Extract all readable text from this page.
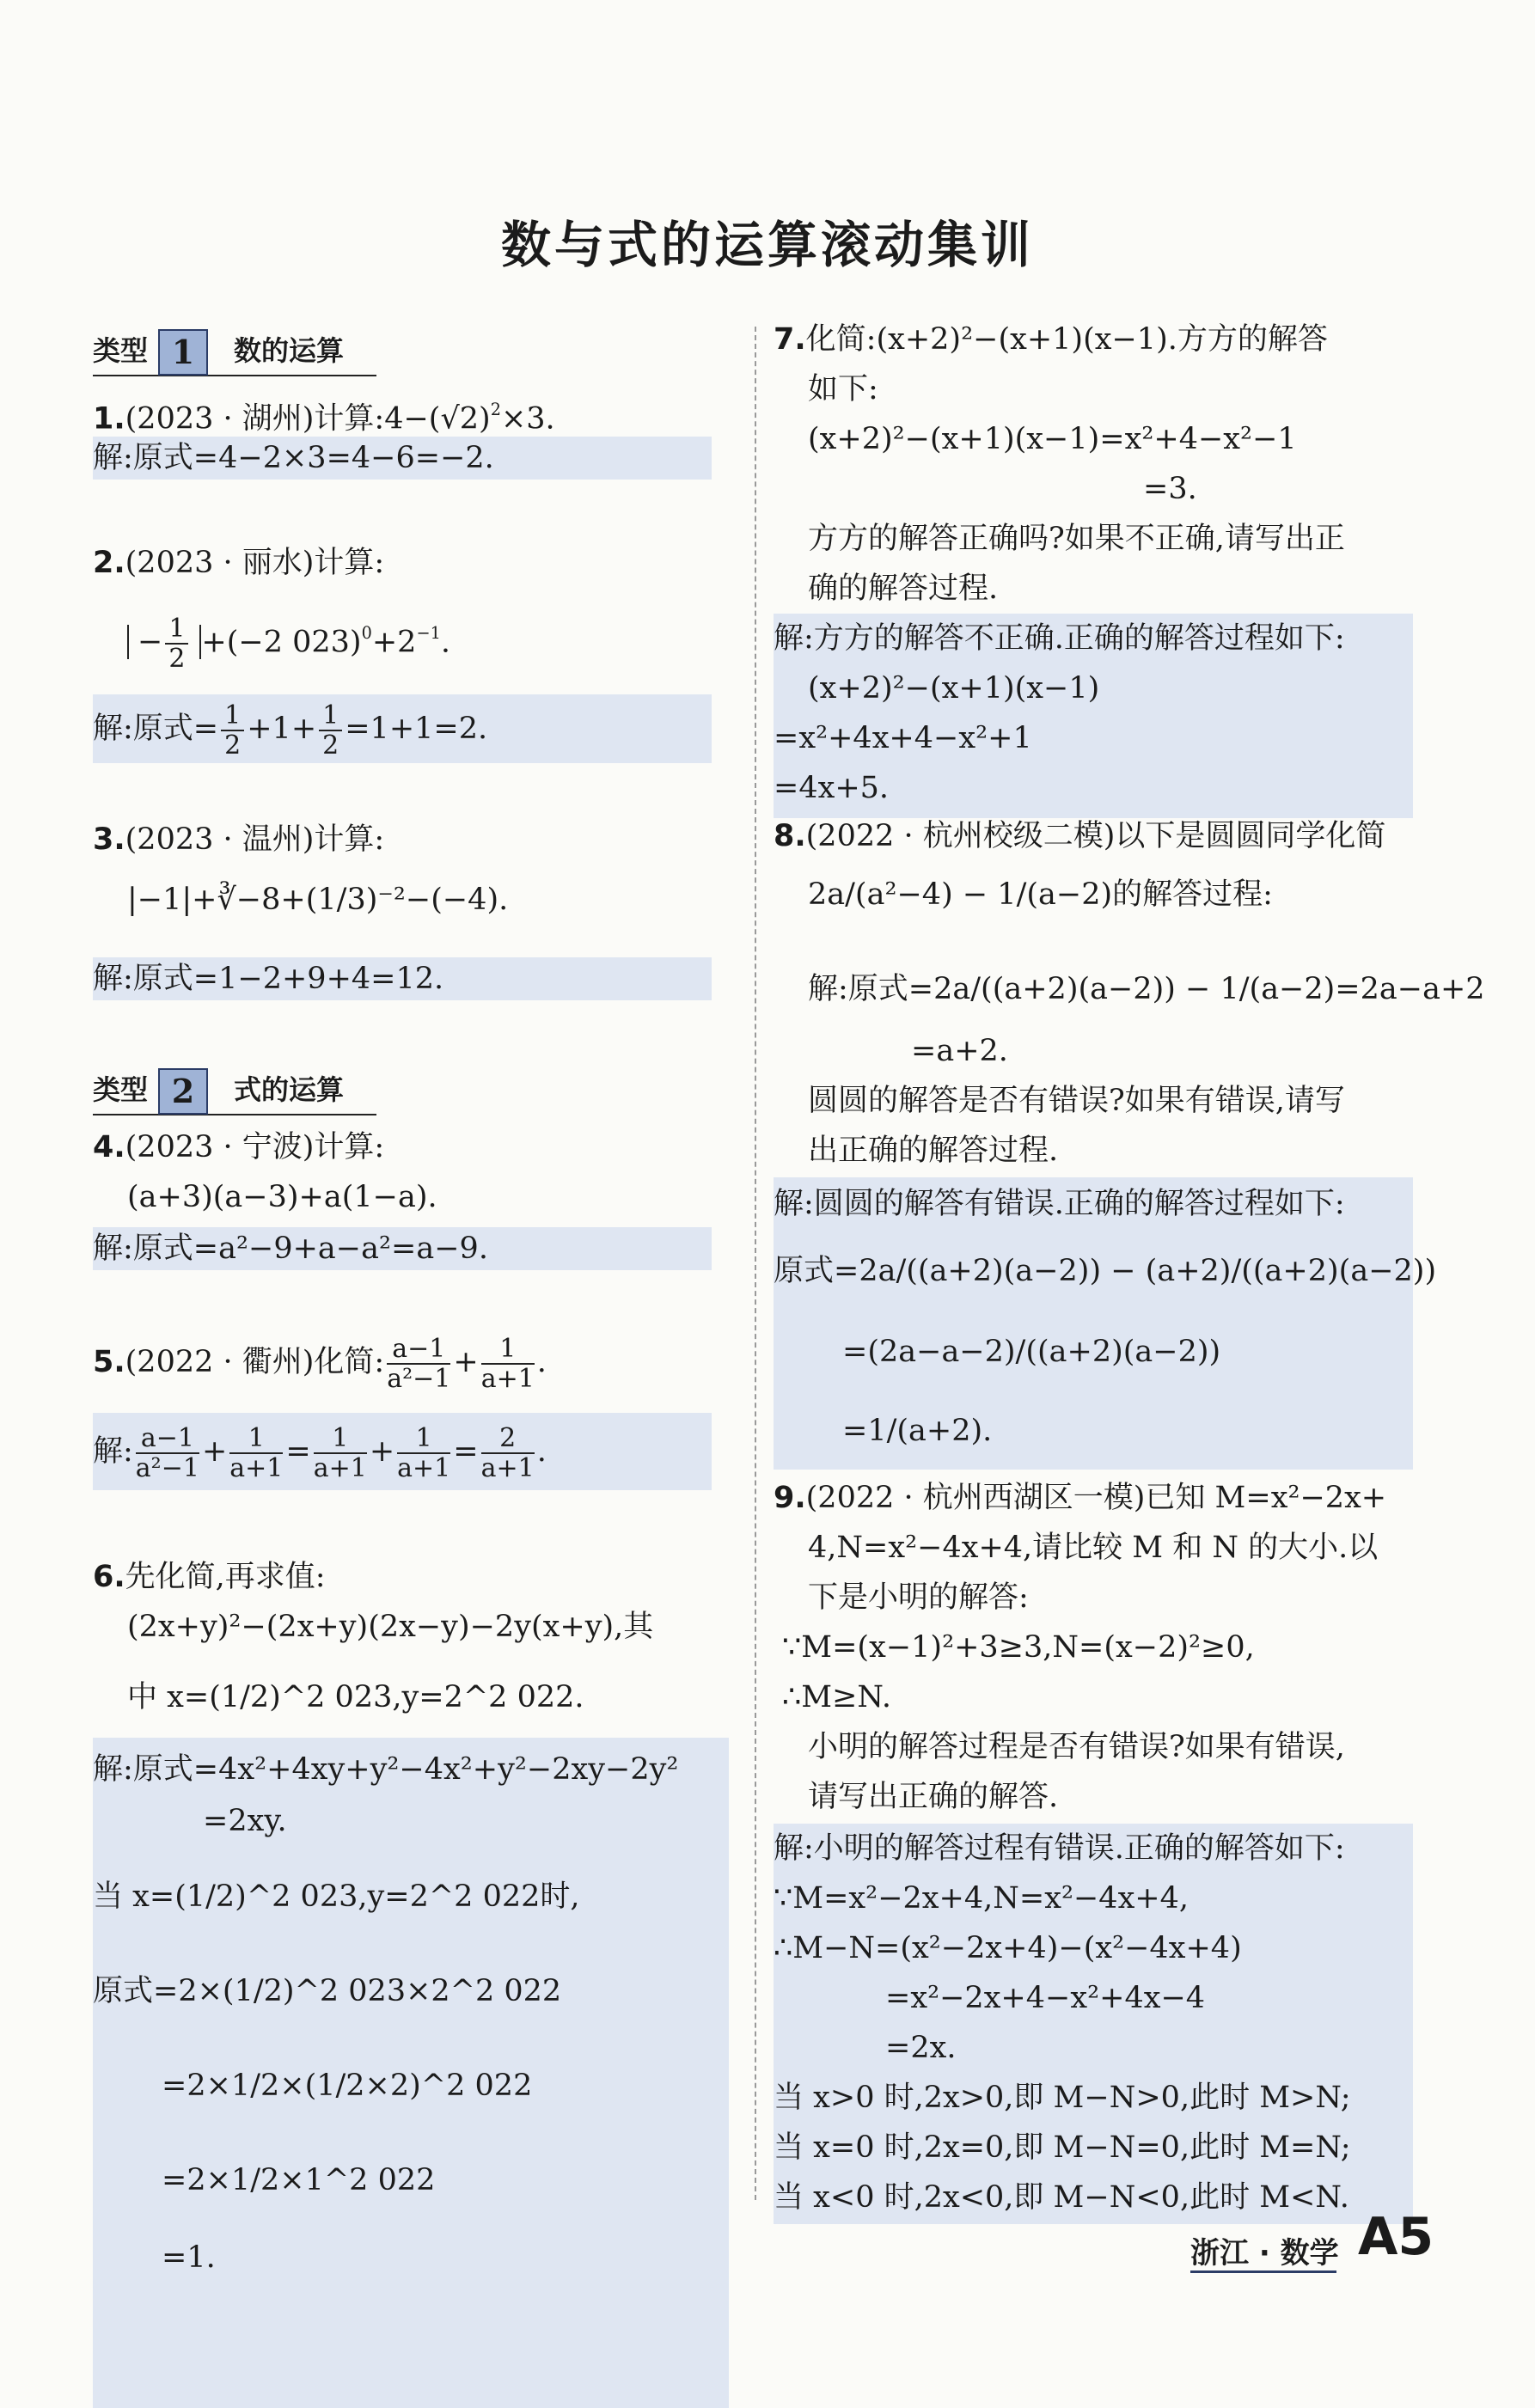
数与式的运算滚动集训
类型 1 数的运算
1.(2023 · 湖州)计算$:4-(√2)^2\times 3$.
解:原式=4−2×3=4−6=−2.
2.(2023 · 丽水)计算:
− $\frac{1}{2} +(-2$ $023)^0+2^{-1}$.
解:原式= $\frac{1}{2} +1+ \frac{1}{2} =1+1=2$.
3.(2023 · 温州)计算:
|−1|+∛−8+(1/3)⁻²−(−4).
解:原式=1−2+9+4=12.
类型 2 式的运算
4.(2023 · 宁波)计算:
(a+3)(a−3)+a(1−a).
解:原式=a²−9+a−a²=a−9.
5.(2022 · 衢州)化简: $\frac{a-1}{\text{a²−1}} + \frac{1}{a+1}$ .
解: $\frac{a-1}{\text{a²−1}} + \frac{1}{a+1} = \frac{1}{a+1} + \frac{1}{a+1} = \frac{2}{a+1}$ .
6.先化简,再求值:
(2x+y)²−(2x+y)(2x−y)−2y(x+y),其
中 x=(1/2)^2 023,y=2^2 022.
解:原式=4x²+4xy+y²−4x²+y²−2xy−2y²
=2xy.
当 x=(1/2)^2 023,y=2^2 022时,
原式=2×(1/2)^2 023×2^2 022
=2×1/2×(1/2×2)^2 022
=2×1/2×1^2 022
=1.
7.化简:(x+2)²−(x+1)(x−1).方方的解答
如下:
(x+2)²−(x+1)(x−1)=x²+4−x²−1
=3.
方方的解答正确吗?如果不正确,请写出正
确的解答过程.
解:方方的解答不正确.正确的解答过程如下:
(x+2)²−(x+1)(x−1)
=x²+4x+4−x²+1
=4x+5.
8.(2022 · 杭州校级二模)以下是圆圆同学化简
2a/(a²−4) − 1/(a−2)的解答过程:
解:原式=2a/((a+2)(a−2)) − 1/(a−2)=2a−a+2
=a+2.
圆圆的解答是否有错误?如果有错误,请写
出正确的解答过程.
解:圆圆的解答有错误.正确的解答过程如下:
原式=2a/((a+2)(a−2)) − (a+2)/((a+2)(a−2))
=(2a−a−2)/((a+2)(a−2))
=1/(a+2).
9.(2022 · 杭州西湖区一模)已知 M=x²−2x+
4,N=x²−4x+4,请比较 M 和 N 的大小.以
下是小明的解答:
∵M=(x−1)²+3≥3,N=(x−2)²≥0,
∴M≥N.
小明的解答过程是否有错误?如果有错误,
请写出正确的解答.
解:小明的解答过程有错误.正确的解答如下:
∵M=x²−2x+4,N=x²−4x+4,
∴M−N=(x²−2x+4)−(x²−4x+4)
=x²−2x+4−x²+4x−4
=2x.
当 x>0 时,2x>0,即 M−N>0,此时 M>N;
当 x=0 时,2x=0,即 M−N=0,此时 M=N;
当 x<0 时,2x<0,即 M−N<0,此时 M<N.
浙江 · 数学 A5
